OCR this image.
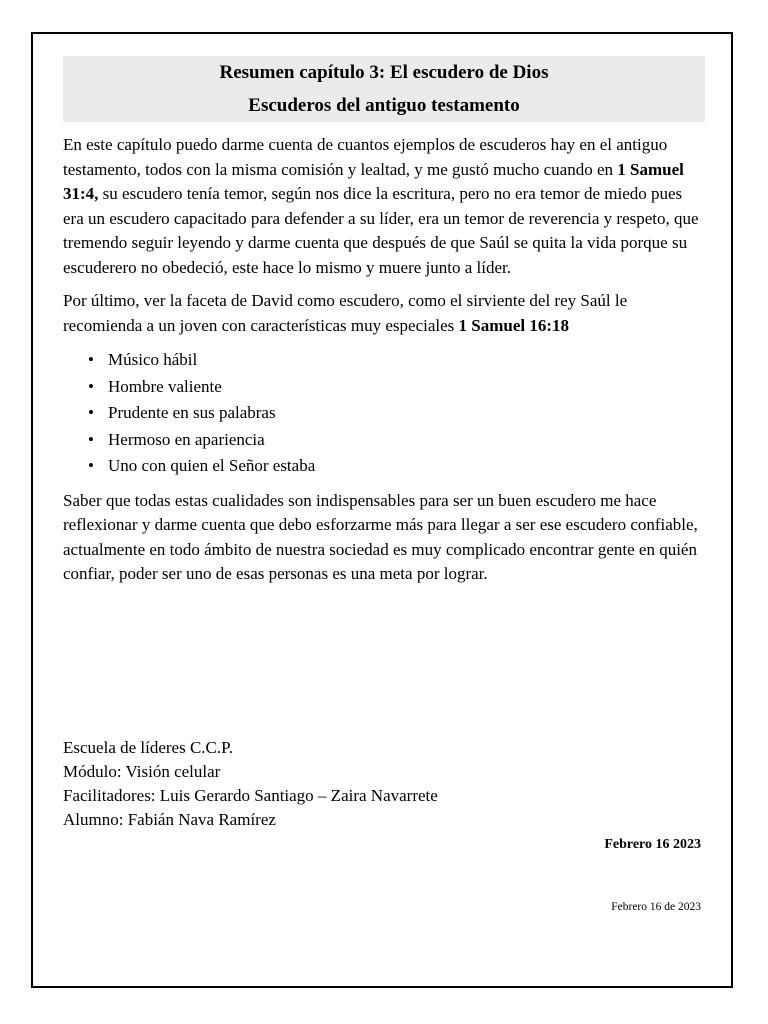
Resumen capítulo 3: El escudero de Dios
Escuderos del antiguo testamento

En este capítulo puedo darme cuenta de cuantos ejemplos de escuderos hay en el antiguo testamento, todos con la misma comisión y lealtad, y me gustó mucho cuando en 1 Samuel 31:4, su escudero tenía temor, según nos dice la escritura, pero no era temor de miedo pues era un escudero capacitado para defender a su líder, era un temor de reverencia y respeto, que tremendo seguir leyendo y darme cuenta que después de que Saúl se quita la vida porque su escuderero no obedeció, este hace lo mismo y muere junto a líder.

Por último, ver la faceta de David como escudero, como el sirviente del rey Saúl le recomienda a un joven con características muy especiales 1 Samuel 16:18

• Músico hábil
• Hombre valiente
• Prudente en sus palabras
• Hermoso en apariencia
• Uno con quien el Señor estaba

Saber que todas estas cualidades son indispensables para ser un buen escudero me hace reflexionar y darme cuenta que debo esforzarme más para llegar a ser ese escudero confiable, actualmente en todo ámbito de nuestra sociedad es muy complicado encontrar gente en quién confiar, poder ser uno de esas personas es una meta por lograr.

Escuela de líderes C.C.P.
Módulo: Visión celular
Facilitadores: Luis Gerardo Santiago – Zaira Navarrete
Alumno: Fabián Nava Ramírez
Febrero 16 2023
Febrero 16 de 2023
